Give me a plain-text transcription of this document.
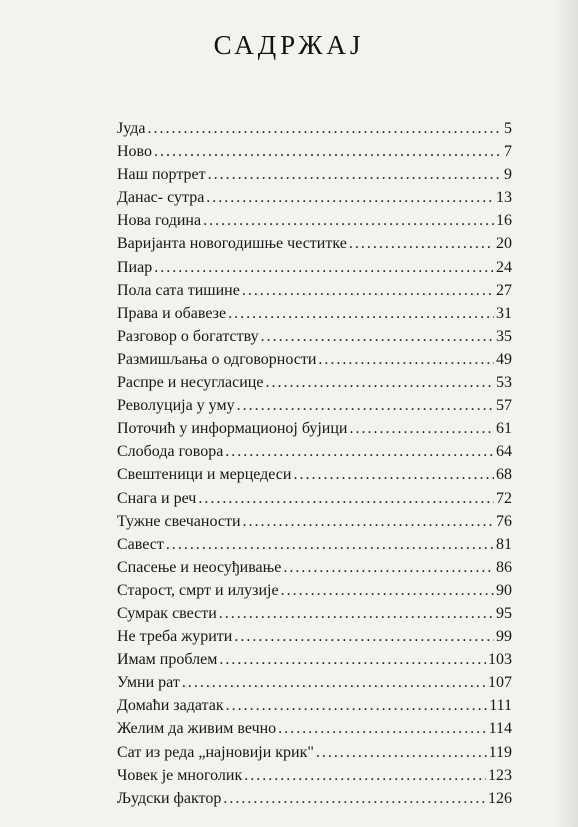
САДРЖАЈ
Јуда . . .	5
Ново . . .	7
Наш портрет . . .	9
Данас- сутра . . .	13
Нова година . . .	16
Варијанта новогодишње честитке . . .	20
Пиар . . .	24
Пола сата тишине . . .	27
Права и обавезе . . .	31
Разговор о богатству . . .	35
Размишљања о одговорности . . .	49
Распре и несугласице . . .	53
Револуција у уму . . .	57
Поточић у информационој бујици . . .	61
Слобода говора . . .	64
Свештеници и мерцедеси . . .	68
Снага и реч . . .	72
Тужне свечаности . . .	76
Савест . . .	81
Спасење и неосуђивање . . .	86
Старост, смрт и илузије . . .	90
Сумрак свести . . .	95
Не треба журити . . .	99
Имам проблем . . .	103
Умни рат . . .	107
Домаћи задатак . . .	111
Желим да живим вечно . . .	114
Сат из реда „најновији крик" . . .	119
Човек је многолик . . .	123
Људски фактор . . .	126
